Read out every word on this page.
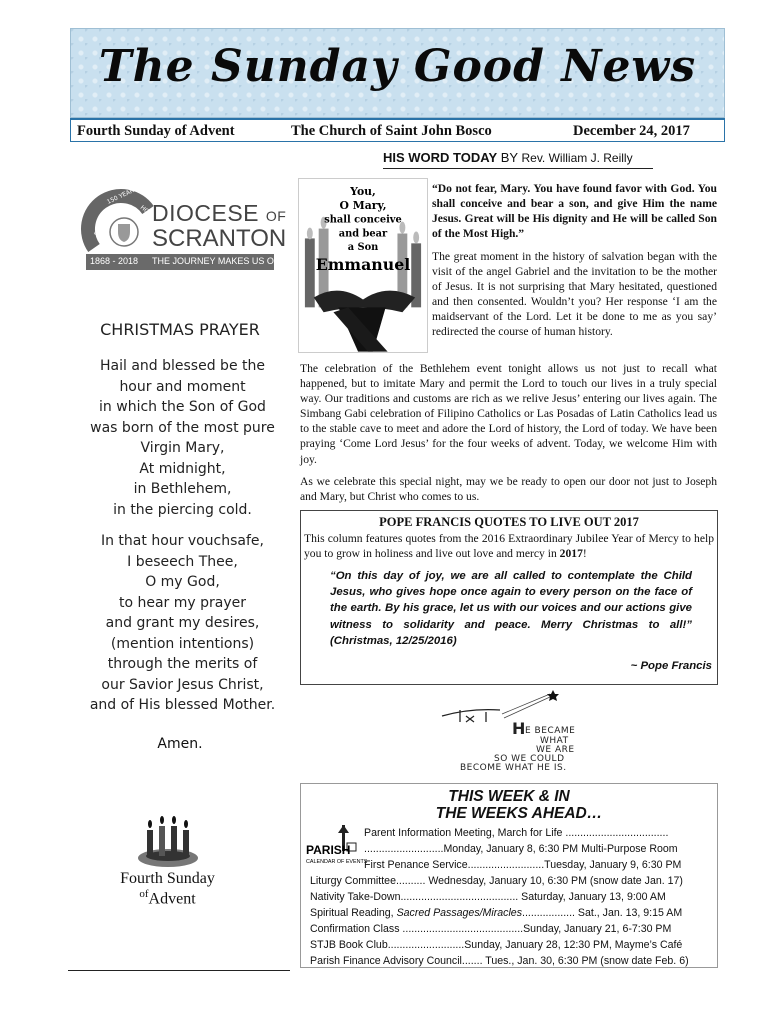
The Sunday Good News
Fourth Sunday of Advent	The Church of Saint John Bosco	December 24, 2017
HIS WORD TODAY BY Rev. William J. Reilly
FAITH
150 YEARS
HOPE
DIOCESE OF
SCRANTON
1868 - 2018 THE JOURNEY MAKES US ONE
CHRISTMAS PRAYER
Hail and blessed be the
hour and moment
in which the Son of God
was born of the most pure
Virgin Mary,
At midnight,
in Bethlehem,
in the piercing cold.
In that hour vouchsafe,
I beseech Thee,
O my God,
to hear my prayer
and grant my desires,
(mention intentions)
through the merits of
our Savior Jesus Christ,
and of His blessed Mother.
Amen.
You,
O Mary,
shall conceive
and bear
a Son
Emmanuel
“Do not fear, Mary. You have found favor with God. You shall conceive and bear a son, and give Him the name Jesus. Great will be His dignity and He will be called Son of the Most High.”
The great moment in the history of salvation began with the visit of the angel Gabriel and the invitation to be the mother of Jesus. It is not surprising that Mary hesitated, questioned and then consented. Wouldn’t you? Her response ‘I am the maidservant of the Lord. Let it be done to me as you say’ redirected the course of human history.
The celebration of the Bethlehem event tonight allows us not just to recall what happened, but to imitate Mary and permit the Lord to touch our lives in a truly special way. Our traditions and customs are rich as we relive Jesus’ entering our lives again. The Simbang Gabi celebration of Filipino Catholics or Las Posadas of Latin Catholics lead us to the stable cave to meet and adore the Lord of history, the Lord of today. We have been praying ‘Come Lord Jesus’ for the four weeks of advent. Today, we welcome Him with joy.
As we celebrate this special night, may we be ready to open our door not just to Joseph and Mary, but Christ who comes to us.
POPE FRANCIS QUOTES TO LIVE OUT 2017
This column features quotes from the 2016 Extraordinary Jubilee Year of Mercy to help you to grow in holiness and live out love and mercy in 2017!
“On this day of joy, we are all called to contemplate the Child Jesus, who gives hope once again to every person on the face of the earth. By his grace, let us with our voices and our actions give witness to solidarity and peace. Merry Christmas to all!” (Christmas, 12/25/2016)
~ Pope Francis
H E BECAME
WHAT
WE ARE
SO WE COULD
BECOME WHAT HE IS.
THIS WEEK & IN
THE WEEKS AHEAD…
PARISH
CALENDAR OF EVENTS
Parent Information Meeting, March for Life ...................................
...........................Monday, January 8, 6:30 PM Multi-Purpose Room
First Penance Service..........................Tuesday, January 9, 6:30 PM
Liturgy Committee.......... Wednesday, January 10, 6:30 PM (snow date Jan. 17)
Nativity Take-Down........................................ Saturday, January 13, 9:00 AM
Spiritual Reading, Sacred Passages/Miracles.................. Sat., Jan. 13, 9:15 AM
Confirmation Class .........................................Sunday, January 21, 6-7:30 PM
STJB Book Club..........................Sunday, January 28, 12:30 PM, Mayme’s Café
Parish Finance Advisory Council....... Tues., Jan. 30, 6:30 PM (snow date Feb. 6)
Fourth Sunday
$^{of}$Advent
